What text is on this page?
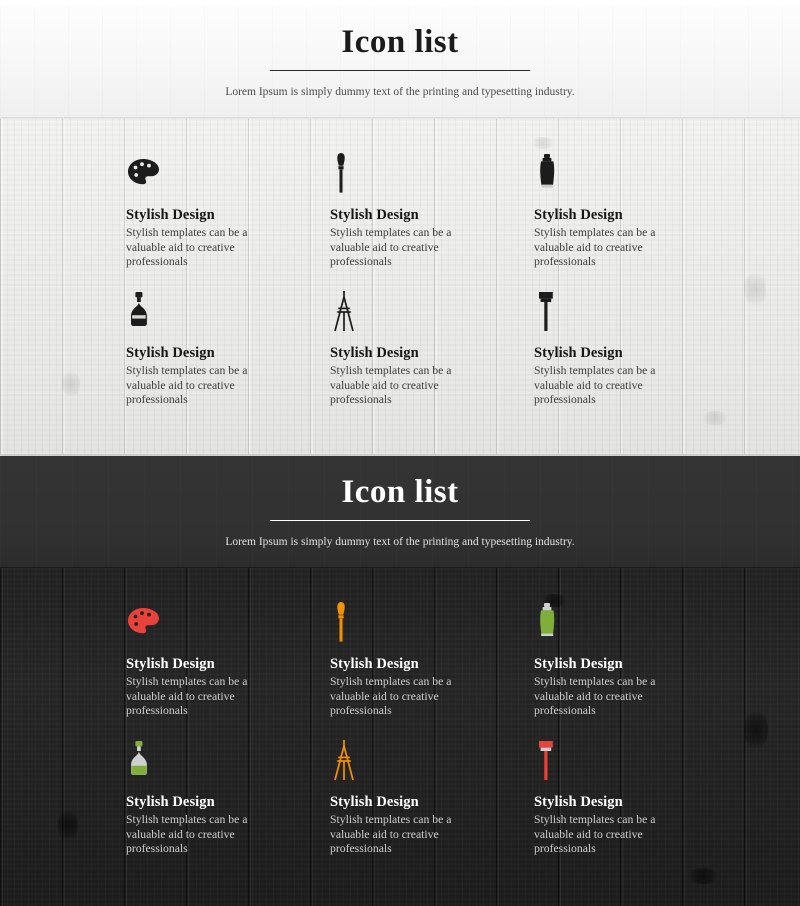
Icon list
Lorem Ipsum is simply dummy text of the printing and typesetting industry.
Stylish Design

Stylish templates can be a valuable aid to creative professionals

Stylish Design

Stylish templates can be a valuable aid to creative professionals

Stylish Design

Stylish templates can be a valuable aid to creative professionals

Stylish Design

Stylish templates can be a valuable aid to creative professionals

Stylish Design

Stylish templates can be a valuable aid to creative professionals

Stylish Design

Stylish templates can be a valuable aid to creative professionals

Icon list
Lorem Ipsum is simply dummy text of the printing and typesetting industry.
Stylish Design

Stylish templates can be a valuable aid to creative professionals

Stylish Design

Stylish templates can be a valuable aid to creative professionals

Stylish Design

Stylish templates can be a valuable aid to creative professionals

Stylish Design

Stylish templates can be a valuable aid to creative professionals

Stylish Design

Stylish templates can be a valuable aid to creative professionals

Stylish Design

Stylish templates can be a valuable aid to creative professionals
